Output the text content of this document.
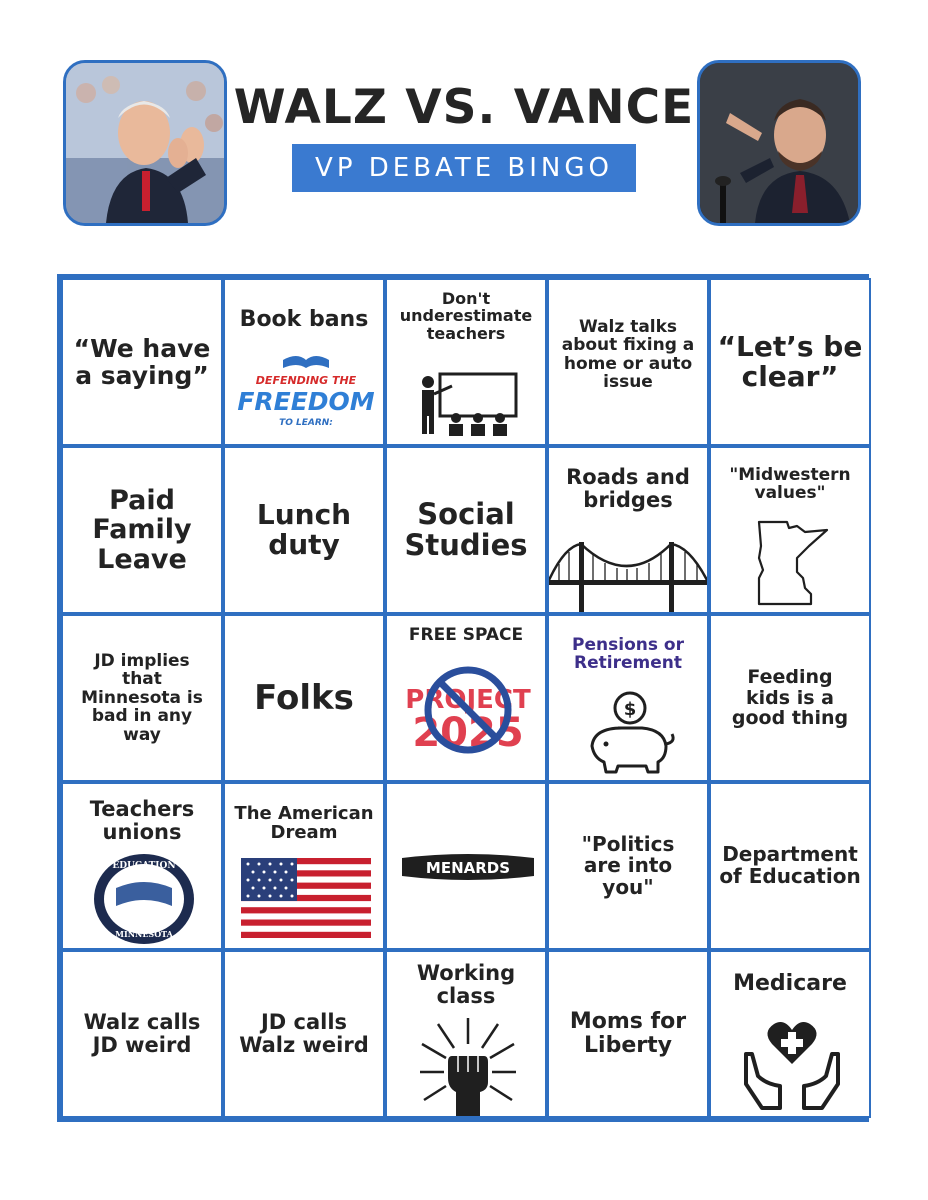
WALZ VS. VANCE
VP DEBATE BINGO
“We have a saying”
Book bans
DEFENDING THE
FREEDOM
TO LEARN:
Don't underestimate teachers	Walz talks about fixing a home or auto issue
“Let’s be clear”
Paid Family Leave
Lunch duty
Social Studies
Roads and bridges
"Midwestern values"
JD implies that Minnesota is bad in any way
Folks
FREE SPACE
PROJECT
2025
Pensions or Retirement
$
Feeding kids is a good thing
Teachers unions
EDUCATION
MINNESOTA
The American Dream
MENARDS
"Politics are into you"
Department of Education
Walz calls JD weird
JD calls Walz weird
Working class
Moms for Liberty
Medicare
